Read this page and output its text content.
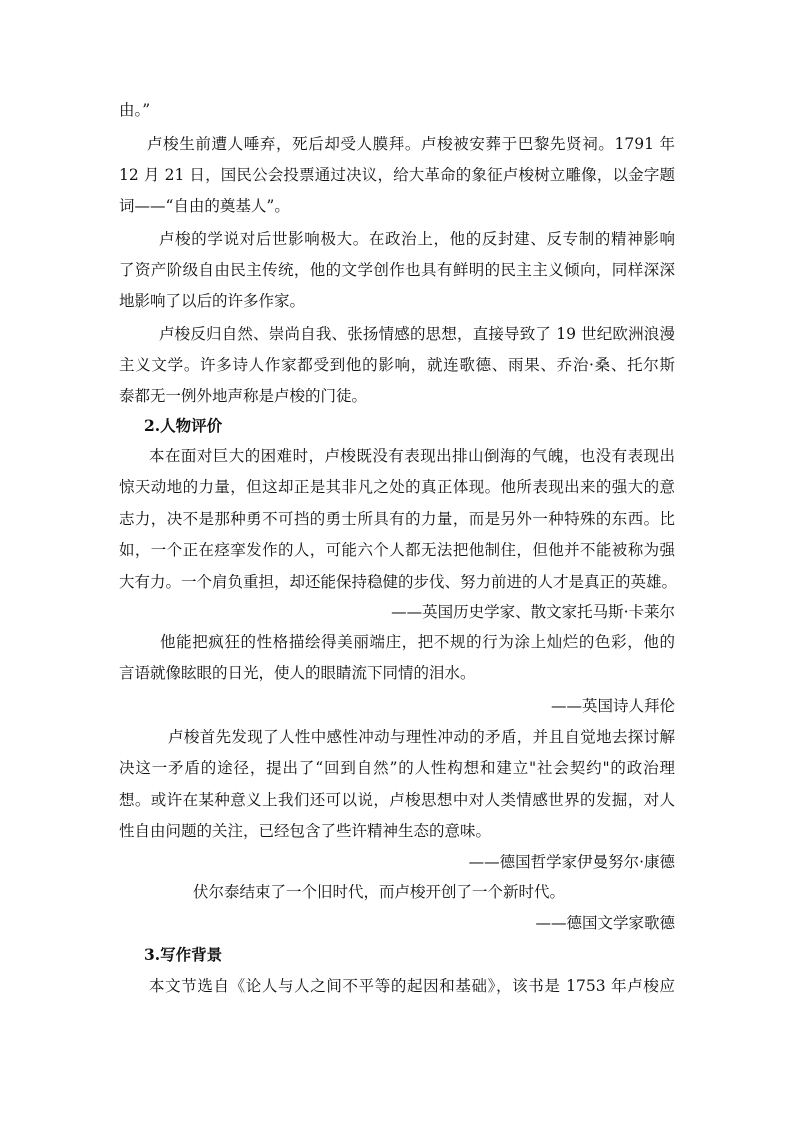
由。”

卢梭生前遭人唾弃，死后却受人膜拜。卢梭被安葬于巴黎先贤祠。1791 年

12 月 21 日，国民公会投票通过决议，给大革命的象征卢梭树立雕像，以金字题

词——“自由的奠基人”。

卢梭的学说对后世影响极大。在政治上，他的反封建、反专制的精神影响

了资产阶级自由民主传统，他的文学创作也具有鲜明的民主主义倾向，同样深深

地影响了以后的许多作家。

卢梭反归自然、崇尚自我、张扬情感的思想，直接导致了 19 世纪欧洲浪漫

主义文学。许多诗人作家都受到他的影响，就连歌德、雨果、乔治·桑、托尔斯

泰都无一例外地声称是卢梭的门徒。

2.人物评价

本在面对巨大的困难时，卢梭既没有表现出排山倒海的气魄，也没有表现出

惊天动地的力量，但这却正是其非凡之处的真正体现。他所表现出来的强大的意

志力，决不是那种勇不可挡的勇士所具有的力量，而是另外一种特殊的东西。比

如，一个正在痉挛发作的人，可能六个人都无法把他制住，但他并不能被称为强

大有力。一个肩负重担，却还能保持稳健的步伐、努力前进的人才是真正的英雄。

——英国历史学家、散文家托马斯·卡莱尔

他能把疯狂的性格描绘得美丽端庄，把不规的行为涂上灿烂的色彩，他的

言语就像眩眼的日光，使人的眼睛流下同情的泪水。

——英国诗人拜伦

卢梭首先发现了人性中感性冲动与理性冲动的矛盾，并且自觉地去探讨解

决这一矛盾的途径，提出了“回到自然”的人性构想和建立"社会契约"的政治理

想。或许在某种意义上我们还可以说，卢梭思想中对人类情感世界的发掘，对人

性自由问题的关注，已经包含了些许精神生态的意味。

——德国哲学家伊曼努尔·康德

伏尔泰结束了一个旧时代，而卢梭开创了一个新时代。

——德国文学家歌德

3.写作背景

本文节选自《论人与人之间不平等的起因和基础》，该书是 1753 年卢梭应
